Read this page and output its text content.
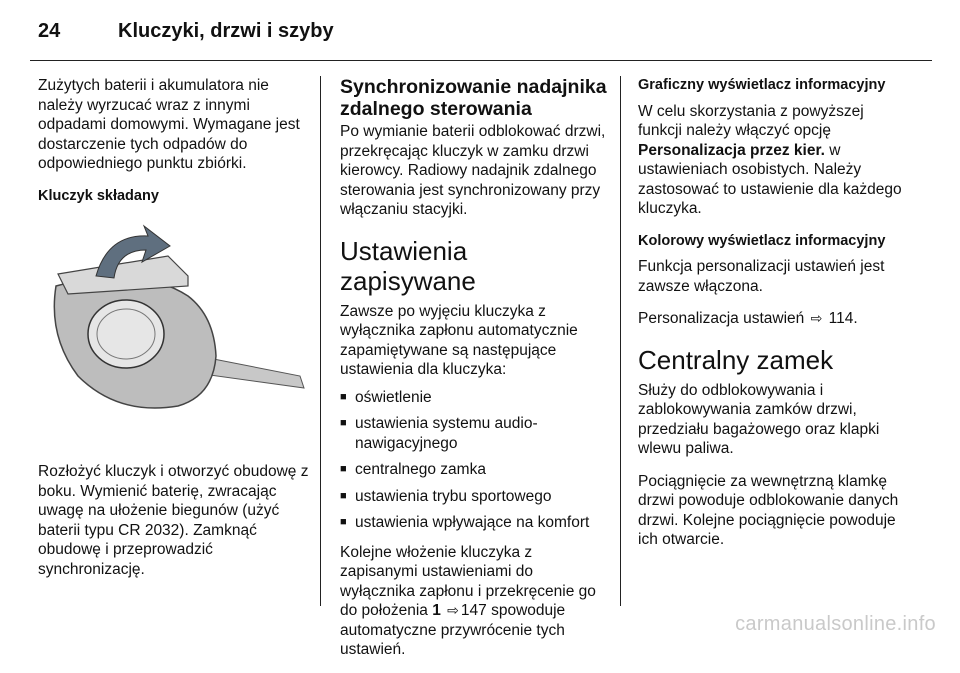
24	Kluczyki, drzwi i szyby

Zużytych baterii i akumulatora nie należy wyrzucać wraz z innymi odpadami domowymi. Wymagane jest dostarczenie tych odpadów do odpowiedniego punktu zbiórki.

Kluczyk składany

Rozłożyć kluczyk i otworzyć obudowę z boku. Wymienić baterię, zwracając uwagę na ułożenie biegunów (użyć baterii typu CR 2032). Zamknąć obudowę i przeprowadzić synchronizację.

Synchronizowanie nadajnika zdalnego sterowania

Po wymianie baterii odblokować drzwi, przekręcając kluczyk w zamku drzwi kierowcy. Radiowy nadajnik zdalnego sterowania jest synchronizowany przy włączaniu stacyjki.

Ustawienia zapisywane

Zawsze po wyjęciu kluczyka z wyłącznika zapłonu automatycznie zapamiętywane są następujące ustawienia dla kluczyka:

■ oświetlenie
■ ustawienia systemu audio-nawigacyjnego
■ centralnego zamka
■ ustawienia trybu sportowego
■ ustawienia wpływające na komfort

Kolejne włożenie kluczyka z zapisanymi ustawieniami do wyłącznika zapłonu i przekręcenie go do położenia 1 ⇨ 147 spowoduje automatyczne przywrócenie tych ustawień.

Graficzny wyświetlacz informacyjny

W celu skorzystania z powyższej funkcji należy włączyć opcję Personalizacja przez kier. w ustawieniach osobistych. Należy zastosować to ustawienie dla każdego kluczyka.

Kolorowy wyświetlacz informacyjny

Funkcja personalizacji ustawień jest zawsze włączona.

Personalizacja ustawień ⇨ 114.

Centralny zamek

Służy do odblokowywania i zablokowywania zamków drzwi, przedziału bagażowego oraz klapki wlewu paliwa.

Pociągnięcie za wewnętrzną klamkę drzwi powoduje odblokowanie danych drzwi. Kolejne pociągnięcie powoduje ich otwarcie.

carmanualsonline.info
